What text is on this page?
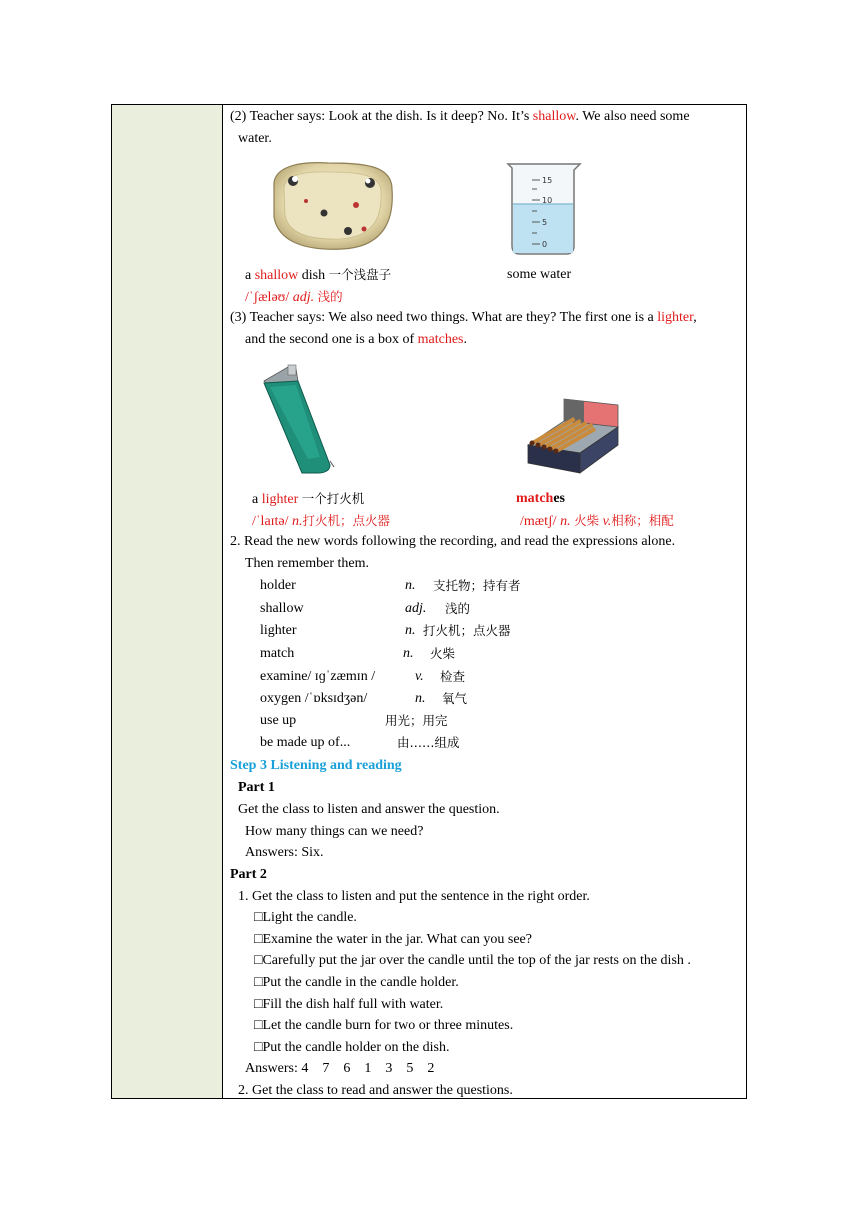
(2) Teacher says: Look at the dish. Is it deep? No. It’s shallow. We also need some
water.
15
10
5
0
a shallow dish 一个浅盘子	some water
/ˈʃæləʊ/ adj. 浅的
(3) Teacher says: We also need two things. What are they? The first one is a lighter,
and the second one is a box of matches.
a lighter 一个打火机	matches
/ˈlaɪtə/ n.打火机；点火器	/mætʃ/ n. 火柴 v.相称；相配
2. Read the new words following the recording, and read the expressions alone.
Then remember them.
holder	n. 支托物；持有者
shallow	adj. 浅的
lighter	n. 打火机；点火器
match	n. 火柴
examine/ ɪɡˈzæmɪn /	v. 检查
oxygen /ˈɒksɪdʒən/	n. 氧气
use up	用光；用完
be made up of...	由……组成
Step 3 Listening and reading
Part 1
Get the class to listen and answer the question.
How many things can we need?
Answers: Six.
Part 2
1. Get the class to listen and put the sentence in the right order.
□Light the candle.
□Examine the water in the jar. What can you see?
□Carefully put the jar over the candle until the top of the jar rests on the dish .
□Put the candle in the candle holder.
□Fill the dish half full with water.
□Let the candle burn for two or three minutes.
□Put the candle holder on the dish.
Answers: 4    7    6    1    3    5    2
2. Get the class to read and answer the questions.
